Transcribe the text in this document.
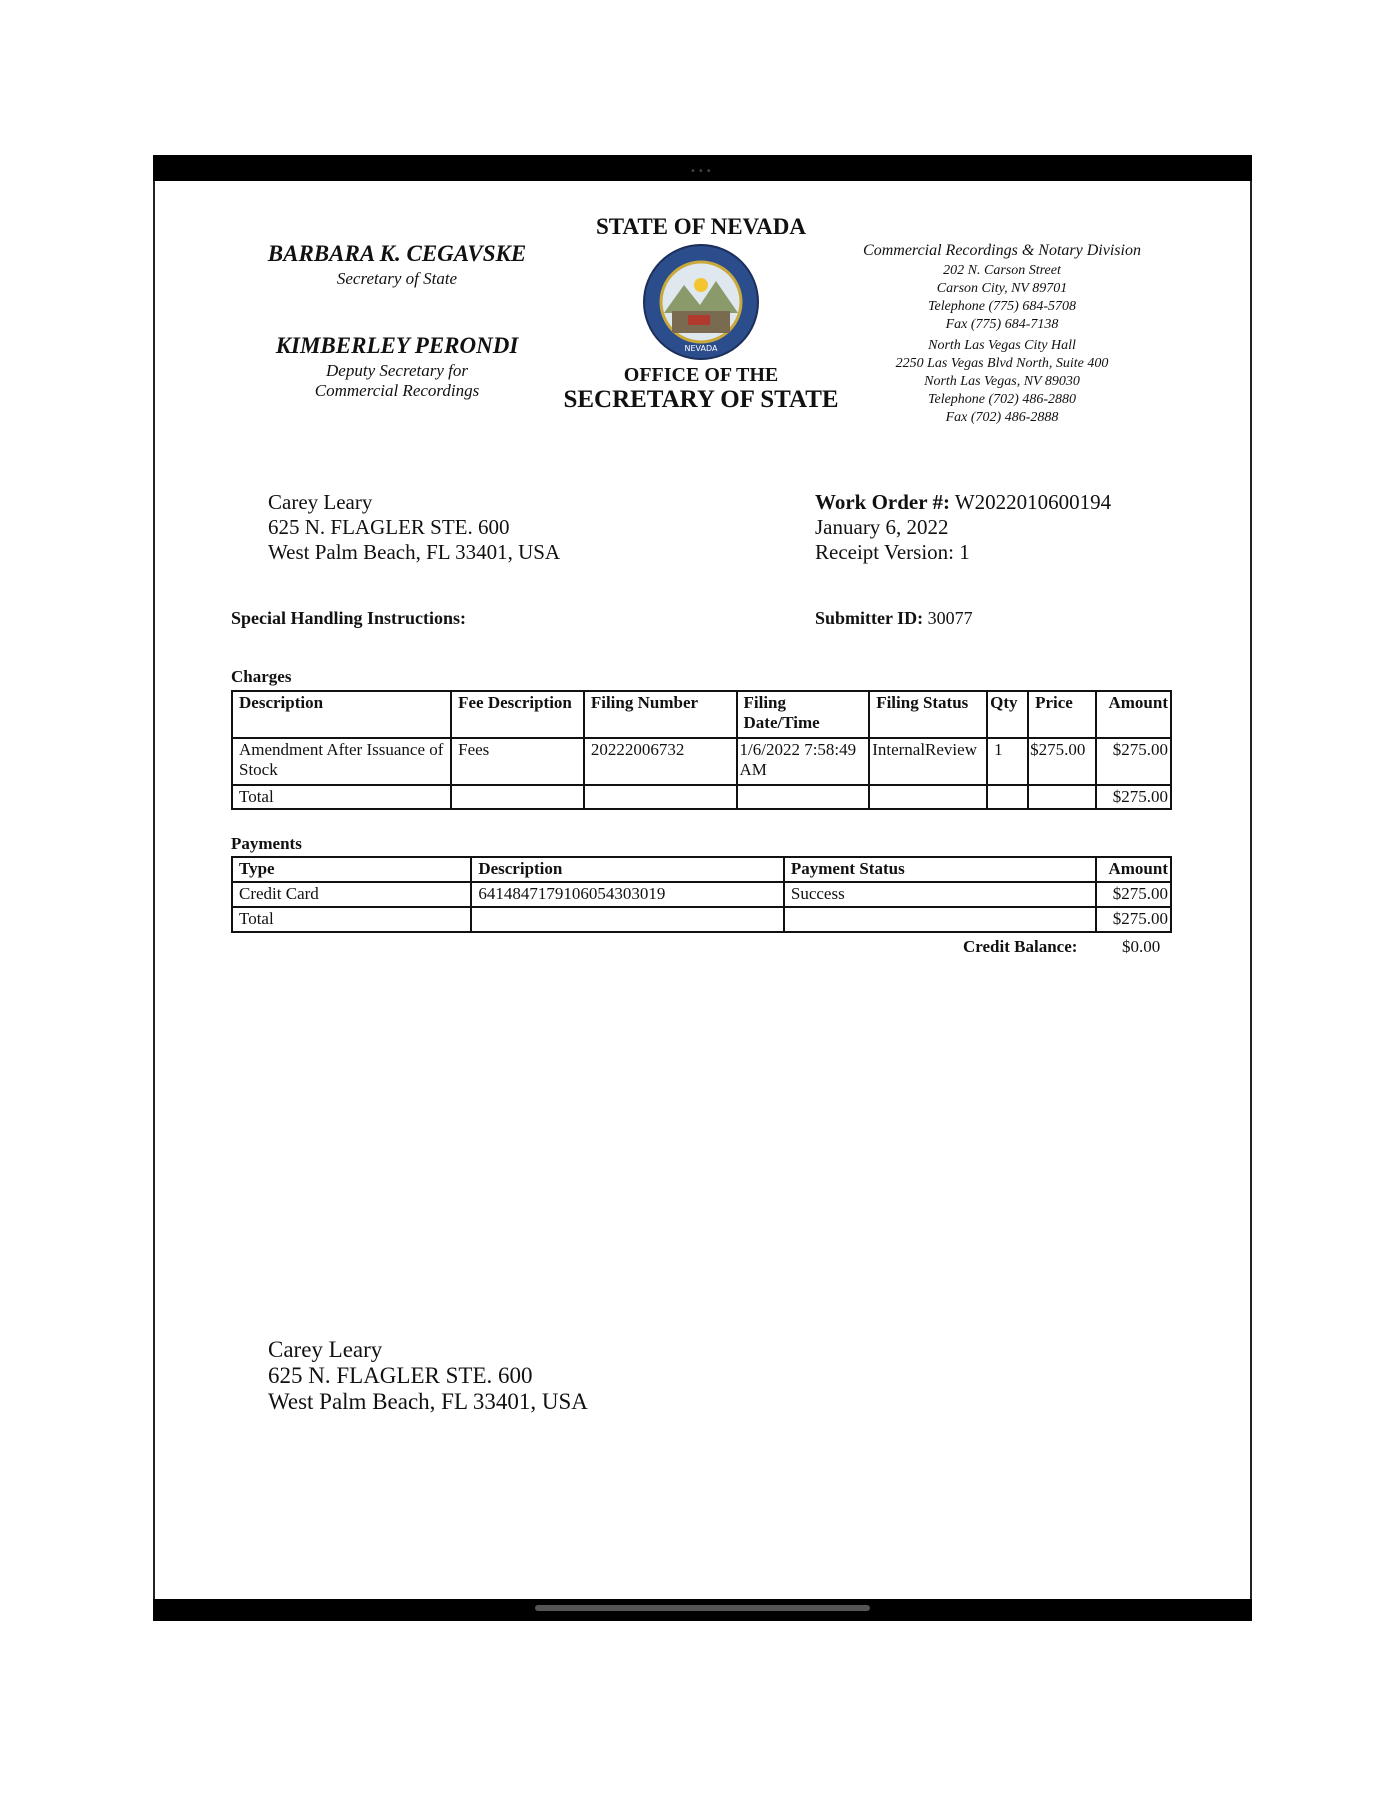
•••
BARBARA K. CEGAVSKE
Secretary of State
KIMBERLEY PERONDI
Deputy Secretary for
Commercial Recordings
STATE OF NEVADA
NEVADA
OFFICE OF THE
SECRETARY OF STATE
Commercial Recordings & Notary Division
202 N. Carson Street
Carson City, NV 89701
Telephone (775) 684-5708
Fax (775) 684-7138
North Las Vegas City Hall
2250 Las Vegas Blvd North, Suite 400
North Las Vegas, NV 89030
Telephone (702) 486-2880
Fax (702) 486-2888
Carey Leary
625 N. FLAGLER STE. 600
West Palm Beach, FL 33401, USA
Work Order #: W2022010600194
January 6, 2022
Receipt Version: 1
Special Handling Instructions:	Submitter ID: 30077
Charges
Description	Fee Description	Filing Number	Filing Date/Time	Filing Status	Qty	Price	Amount
Amendment After Issuance of Stock	Fees	20222006732	1/6/2022 7:58:49 AM	InternalReview	1	$275.00	$275.00
Total							$275.00
Payments
Type	Description	Payment Status	Amount
Credit Card	6414847179106054303019	Success	$275.00
Total			$275.00
Credit Balance:	$0.00
Carey Leary
625 N. FLAGLER STE. 600
West Palm Beach, FL 33401, USA
